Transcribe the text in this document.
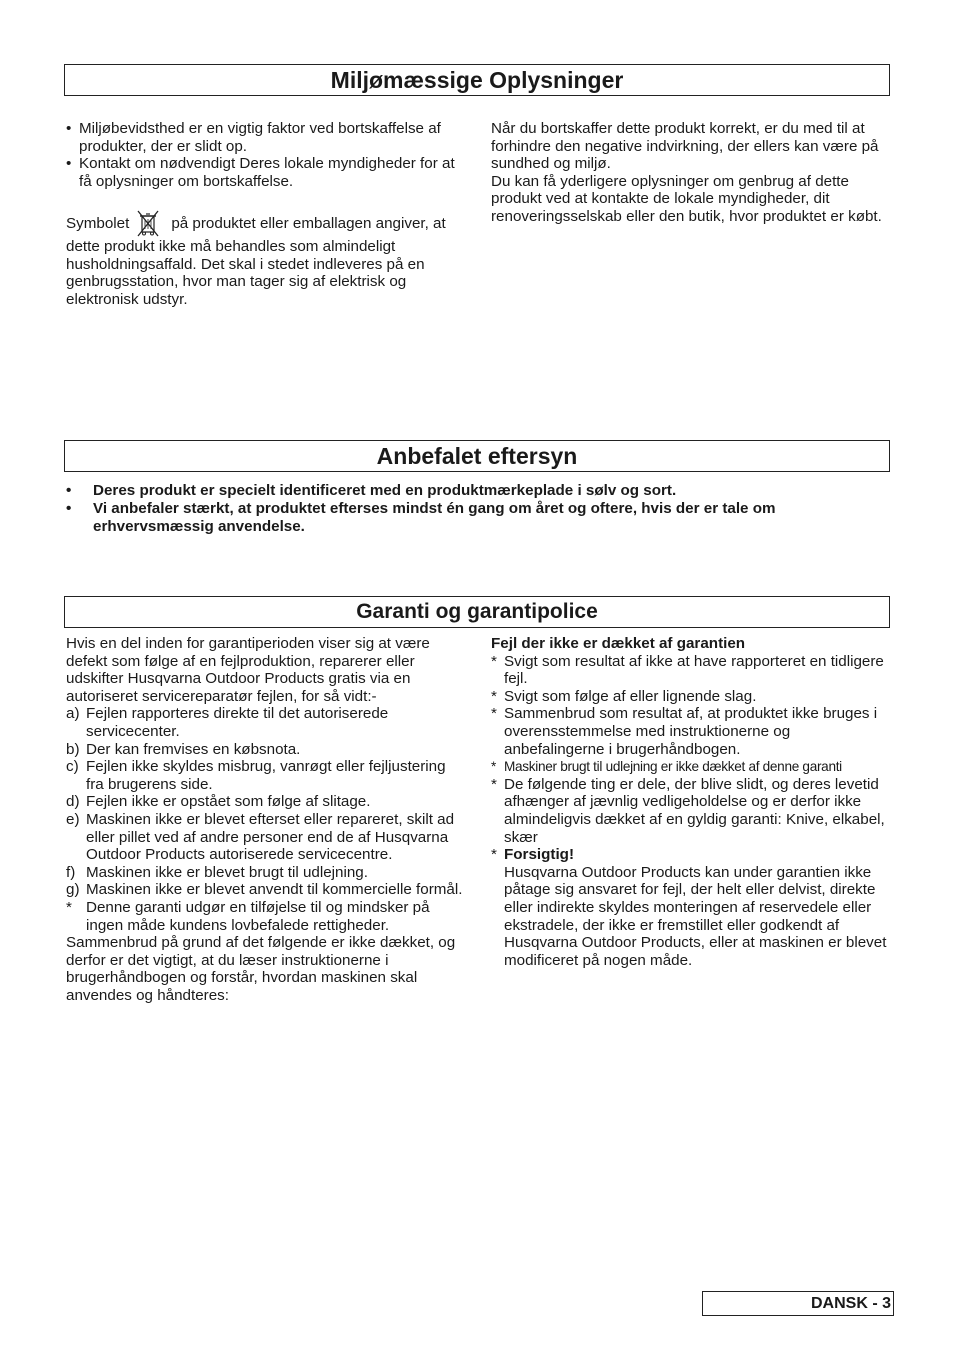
Miljømæssige Oplysninger
• Miljøbevidsthed er en vigtig faktor ved bortskaffelse af produkter, der er slidt op.
• Kontakt om nødvendigt Deres lokale myndigheder for at få oplysninger om bortskaffelse.

Symbolet	på produktet eller emballagen angiver, at dette produkt ikke må behandles som almindeligt husholdningsaffald. Det skal i stedet indleveres på en genbrugsstation, hvor man tager sig af elektrisk og elektronisk udstyr.

Når du bortskaffer dette produkt korrekt, er du med til at forhindre den negative indvirkning, der ellers kan være på sundhed og miljø.

Du kan få yderligere oplysninger om genbrug af dette produkt ved at kontakte de lokale myndigheder, dit renoveringsselskab eller den butik, hvor produktet er købt.

Anbefalet eftersyn
•	Deres produkt er specielt identificeret med en produktmærkeplade i sølv og sort.
•	Vi anbefaler stærkt, at produktet efterses mindst én gang om året og oftere, hvis der er tale om erhvervsmæssig anvendelse.
Garanti og garantipolice

Hvis en del inden for garantiperioden viser sig at være defekt som følge af en fejlproduktion, reparerer eller udskifter Husqvarna Outdoor Products gratis via en autoriseret servicereparatør fejlen, for så vidt:-

a) Fejlen rapporteres direkte til det autoriserede servicecenter.
b) Der kan fremvises en købsnota.
c) Fejlen ikke skyldes misbrug, vanrøgt eller fejljustering fra brugerens side.
d) Fejlen ikke er opstået som følge af slitage.
e) Maskinen ikke er blevet efterset eller repareret, skilt ad eller pillet ved af andre personer end de af Husqvarna Outdoor Products autoriserede servicecentre.
f) Maskinen ikke er blevet brugt til udlejning.
g) Maskinen ikke er blevet anvendt til kommercielle formål.
* Denne garanti udgør en tilføjelse til og mindsker på ingen måde kundens lovbefalede rettigheder.

Sammenbrud på grund af det følgende er ikke dækket, og derfor er det vigtigt, at du læser instruktionerne i brugerhåndbogen og forstår, hvordan maskinen skal anvendes og håndteres:

Fejl der ikke er dækket af garantien

* Svigt som resultat af ikke at have rapporteret en tidligere fejl.
* Svigt som følge af eller lignende slag.
* Sammenbrud som resultat af, at produktet ikke bruges i overensstemmelse med instruktionerne og anbefalingerne i brugerhåndbogen.
* Maskiner brugt til udlejning er ikke dækket af denne garanti
* De følgende ting er dele, der blive slidt, og deres levetid afhænger af jævnlig vedligeholdelse og er derfor ikke almindeligvis dækket af en gyldig garanti: Knive, elkabel, skær
* Forsigtig!
Husqvarna Outdoor Products kan under garantien ikke påtage sig ansvaret for fejl, der helt eller delvist, direkte eller indirekte skyldes monteringen af reservedele eller ekstradele, der ikke er fremstillet eller godkendt af Husqvarna Outdoor Products, eller at maskinen er blevet modificeret på nogen måde.
DANSK - 3
